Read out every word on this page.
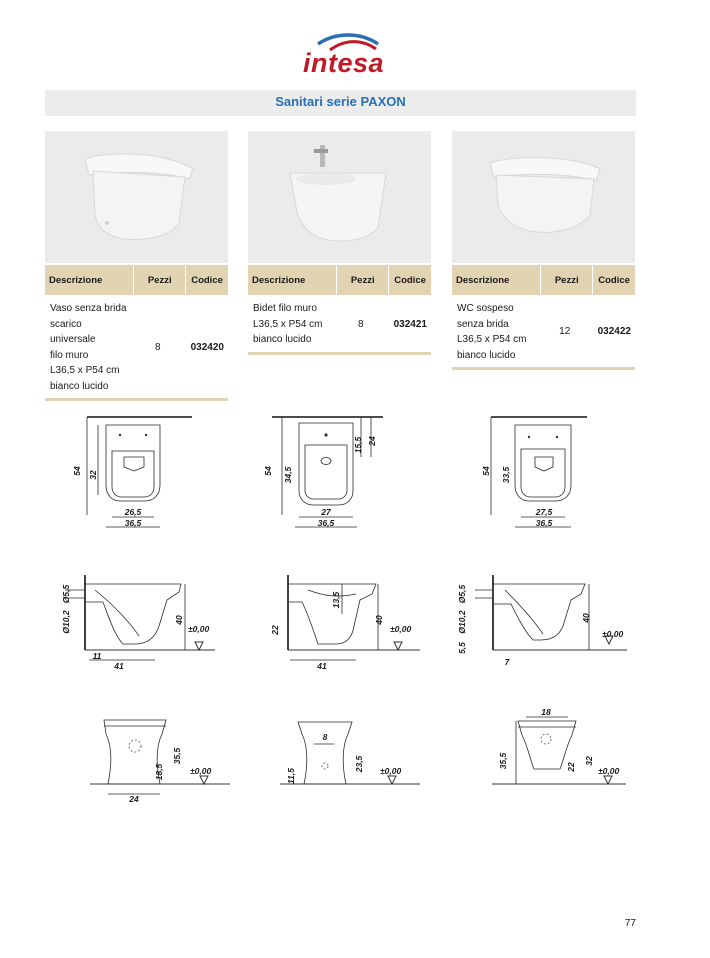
intesa
Sanitari serie PAXON
Descrizione	Pezzi	Codice

Vaso senza brida
scarico universale
filo muro
L36,5 x P54 cm
bianco lucido	8	032420
Descrizione	Pezzi	Codice

Bidet filo muro
L36,5 x P54 cm
bianco lucido	8	032421
Descrizione	Pezzi	Codice

WC sospeso
senza brida
L36,5 x P54 cm
bianco lucido	12	032422
54 32
26,5
36,5
54 34,5
15,5 24
27
36,5
54 33,5
27,5
36,5
Ø5,5
Ø10,2	40
±0,00
11
41
13,5
22
40
±0,00
41
Ø5,5
Ø10,2
5,5
40
±0,00
7
18,5
35,5
±0,00
24
8
11,5
23,5 ±0,00
18
35,5	22
32
±0,00
77
